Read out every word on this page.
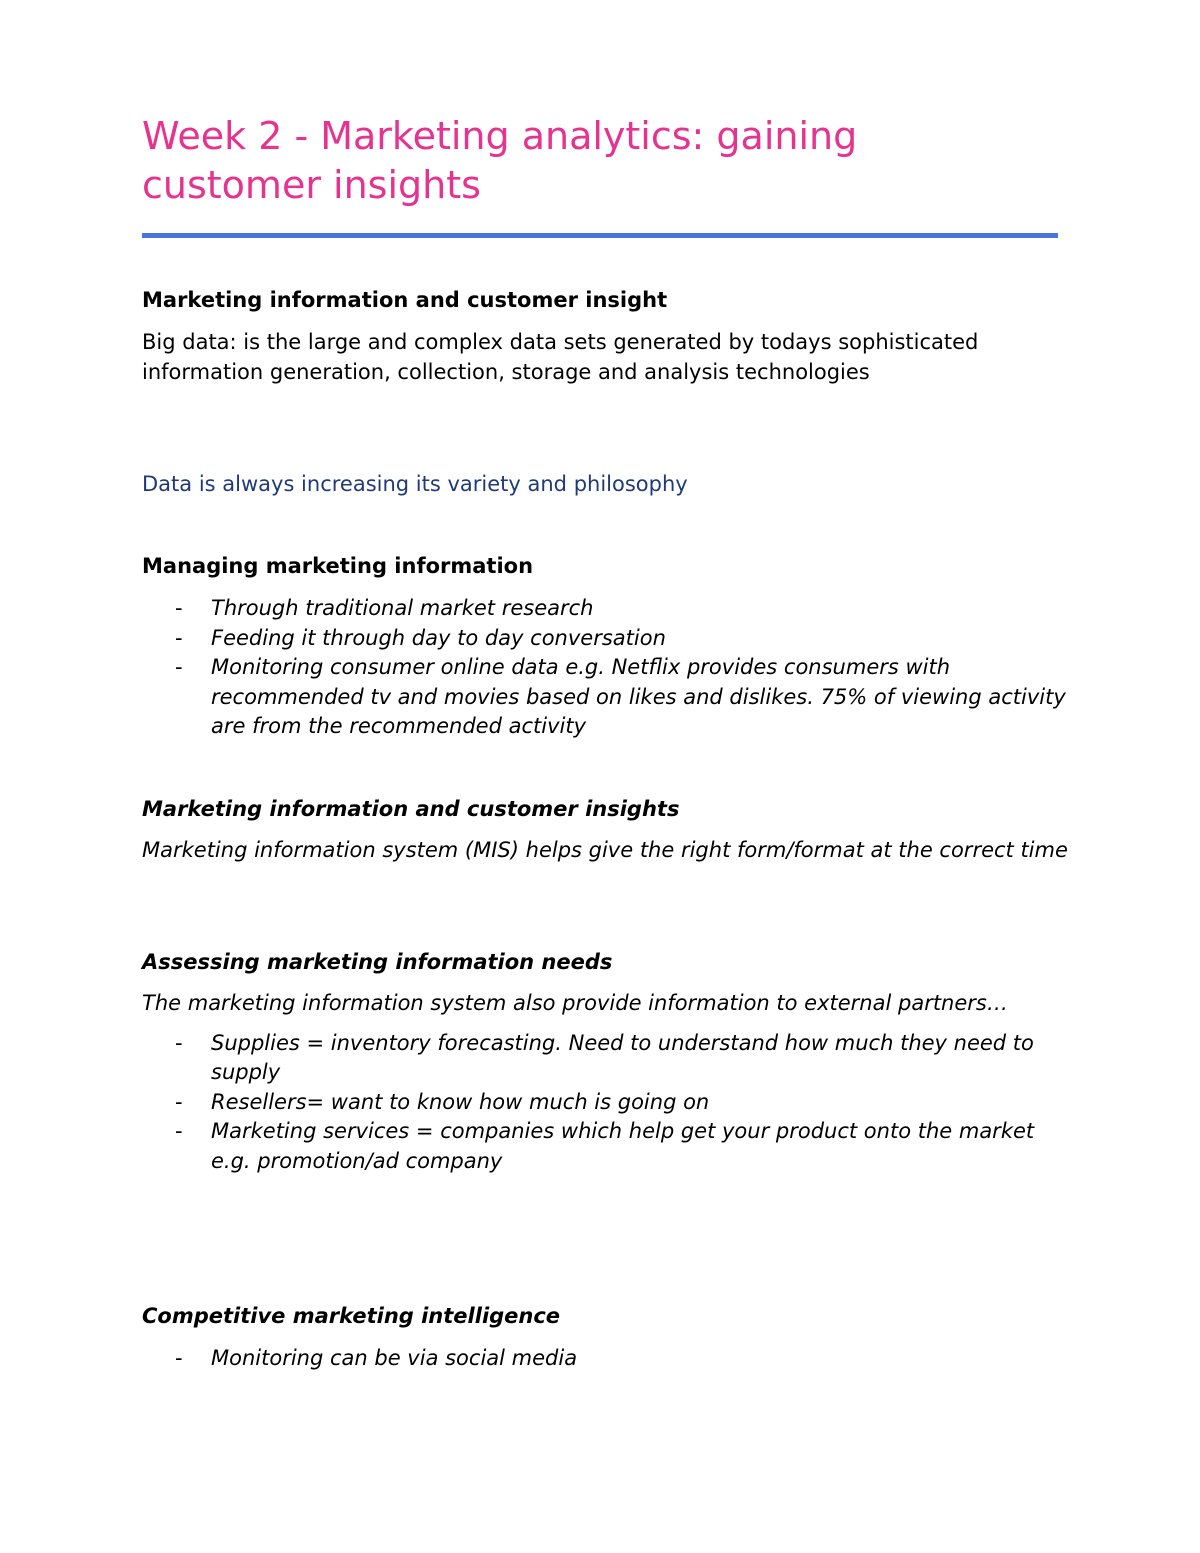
Week 2 - Marketing analytics: gaining customer insights

Marketing information and customer insight

Big data: is the large and complex data sets generated by todays sophisticated information generation, collection, storage and analysis technologies

Data is always increasing its variety and philosophy

Managing marketing information

- Through traditional market research
- Feeding it through day to day conversation
- Monitoring consumer online data e.g. Netflix provides consumers with recommended tv and movies based on likes and dislikes. 75% of viewing activity are from the recommended activity

Marketing information and customer insights

Marketing information system (MIS) helps give the right form/format at the correct time

Assessing marketing information needs

The marketing information system also provide information to external partners…

- Supplies = inventory forecasting. Need to understand how much they need to supply
- Resellers= want to know how much is going on
- Marketing services = companies which help get your product onto the market e.g. promotion/ad company

Competitive marketing intelligence

- Monitoring can be via social media
